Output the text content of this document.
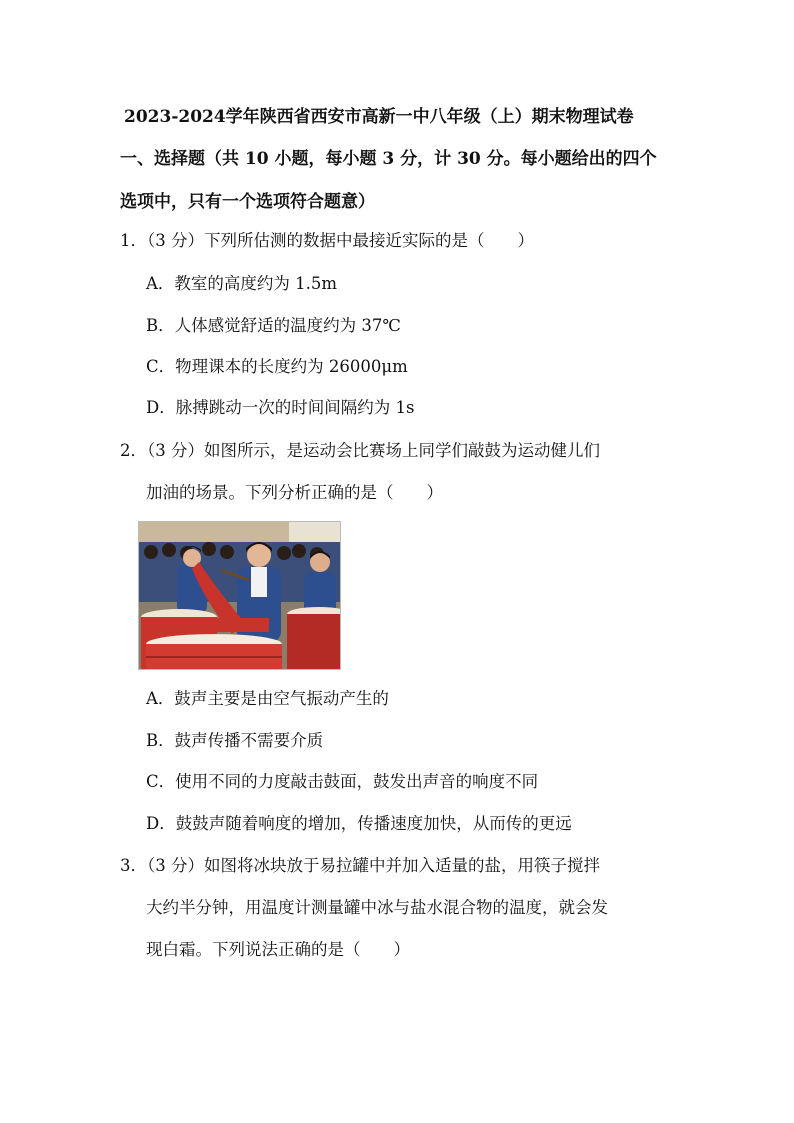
2023-2024学年陕西省西安市高新一中八年级（上）期末物理试卷
一、选择题（共 10 小题，每小题 3 分，计 30 分。每小题给出的四个
选项中，只有一个选项符合题意）
1．（3 分）下列所估测的数据中最接近实际的是（　　）
A．教室的高度约为 1.5m
B．人体感觉舒适的温度约为 37℃
C．物理课本的长度约为 26000μm
D．脉搏跳动一次的时间间隔约为 1s
2．（3 分）如图所示，是运动会比赛场上同学们敲鼓为运动健儿们
加油的场景。下列分析正确的是（　　）
A．鼓声主要是由空气振动产生的
B．鼓声传播不需要介质
C．使用不同的力度敲击鼓面，鼓发出声音的响度不同
D．鼓鼓声随着响度的增加，传播速度加快，从而传的更远
3．（3 分）如图将冰块放于易拉罐中并加入适量的盐，用筷子搅拌
大约半分钟，用温度计测量罐中冰与盐水混合物的温度，就会发
现白霜。下列说法正确的是（　　）
